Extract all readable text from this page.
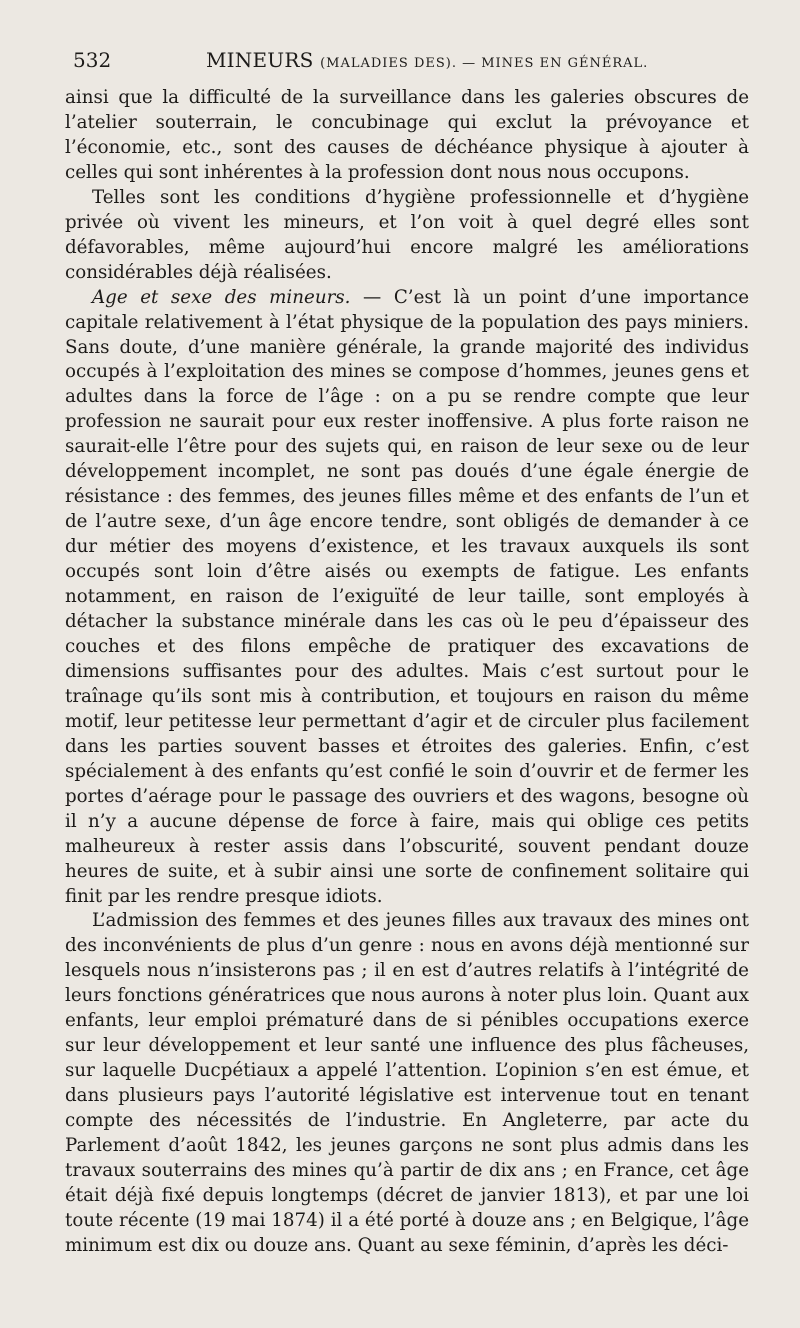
532	MINEURS (MALADIES DES). — MINES EN GÉNÉRAL.

ainsi que la difficulté de la surveillance dans les galeries obscures de l’atelier souterrain, le concubinage qui exclut la prévoyance et l’économie, etc., sont des causes de déchéance physique à ajouter à celles qui sont inhérentes à la profession dont nous nous occupons.

Telles sont les conditions d’hygiène professionnelle et d’hygiène privée où vivent les mineurs, et l’on voit à quel degré elles sont défavorables, même aujourd’hui encore malgré les améliorations considérables déjà réalisées.

Age et sexe des mineurs. — C’est là un point d’une importance capitale relativement à l’état physique de la population des pays miniers. Sans doute, d’une manière générale, la grande majorité des individus occupés à l’exploitation des mines se compose d’hommes, jeunes gens et adultes dans la force de l’âge : on a pu se rendre compte que leur profession ne saurait pour eux rester inoffensive. A plus forte raison ne saurait-elle l’être pour des sujets qui, en raison de leur sexe ou de leur développement incomplet, ne sont pas doués d’une égale énergie de résistance : des femmes, des jeunes filles même et des enfants de l’un et de l’autre sexe, d’un âge encore tendre, sont obligés de demander à ce dur métier des moyens d’existence, et les travaux auxquels ils sont occupés sont loin d’être aisés ou exempts de fatigue. Les enfants notamment, en raison de l’exiguïté de leur taille, sont employés à détacher la substance minérale dans les cas où le peu d’épaisseur des couches et des filons empêche de pratiquer des excavations de dimensions suffisantes pour des adultes. Mais c’est surtout pour le traînage qu’ils sont mis à contribution, et toujours en raison du même motif, leur petitesse leur permettant d’agir et de circuler plus facilement dans les parties souvent basses et étroites des galeries. Enfin, c’est spécialement à des enfants qu’est confié le soin d’ouvrir et de fermer les portes d’aérage pour le passage des ouvriers et des wagons, besogne où il n’y a aucune dépense de force à faire, mais qui oblige ces petits malheureux à rester assis dans l’obscurité, souvent pendant douze heures de suite, et à subir ainsi une sorte de confinement solitaire qui finit par les rendre presque idiots.

L’admission des femmes et des jeunes filles aux travaux des mines ont des inconvénients de plus d’un genre : nous en avons déjà mentionné sur lesquels nous n’insisterons pas ; il en est d’autres relatifs à l’intégrité de leurs fonctions génératrices que nous aurons à noter plus loin. Quant aux enfants, leur emploi prématuré dans de si pénibles occupations exerce sur leur développement et leur santé une influence des plus fâcheuses, sur laquelle Ducpétiaux a appelé l’attention. L’opinion s’en est émue, et dans plusieurs pays l’autorité législative est intervenue tout en tenant compte des nécessités de l’industrie. En Angleterre, par acte du Parlement d’août 1842, les jeunes garçons ne sont plus admis dans les travaux souterrains des mines qu’à partir de dix ans ; en France, cet âge était déjà fixé depuis longtemps (décret de janvier 1813), et par une loi toute récente (19 mai 1874) il a été porté à douze ans ; en Belgique, l’âge minimum est dix ou douze ans. Quant au sexe féminin, d’après les déci-
